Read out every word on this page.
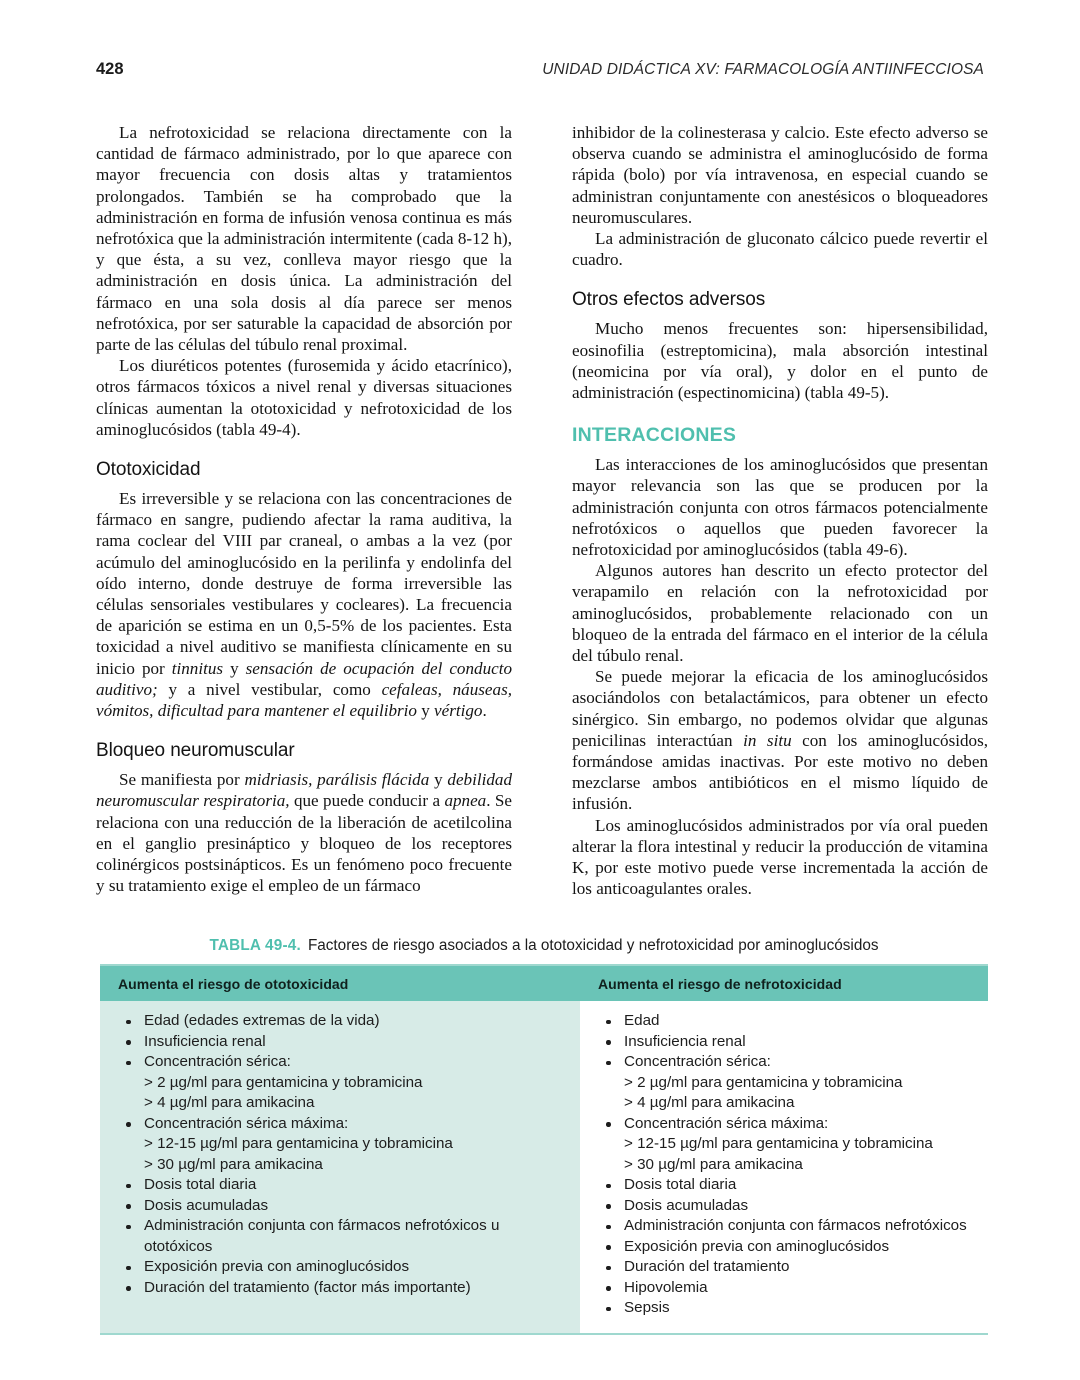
428	UNIDAD DIDÁCTICA XV: FARMACOLOGÍA ANTIINFECCIOSA

La nefrotoxicidad se relaciona directamente con la cantidad de fármaco administrado, por lo que aparece con mayor frecuencia con dosis altas y tratamientos prolongados. También se ha comprobado que la administración en forma de infusión venosa continua es más nefrotóxica que la administración intermitente (cada 8-12 h), y que ésta, a su vez, conlleva mayor riesgo que la administración en dosis única. La administración del fármaco en una sola dosis al día parece ser menos nefrotóxica, por ser saturable la capacidad de absorción por parte de las células del túbulo renal proximal.

Los diuréticos potentes (furosemida y ácido etacrínico), otros fármacos tóxicos a nivel renal y diversas situaciones clínicas aumentan la ototoxicidad y nefrotoxicidad de los aminoglucósidos (tabla 49-4).

Ototoxicidad

Es irreversible y se relaciona con las concentraciones de fármaco en sangre, pudiendo afectar la rama auditiva, la rama coclear del VIII par craneal, o ambas a la vez (por acúmulo del aminoglucósido en la perilinfa y endolinfa del oído interno, donde destruye de forma irreversible las células sensoriales vestibulares y cocleares). La frecuencia de aparición se estima en un 0,5-5% de los pacientes. Esta toxicidad a nivel auditivo se manifiesta clínicamente en su inicio por tinnitus y sensación de ocupación del conducto auditivo; y a nivel vestibular, como cefaleas, náuseas, vómitos, dificultad para mantener el equilibrio y vértigo.

Bloqueo neuromuscular

Se manifiesta por midriasis, parálisis flácida y debilidad neuromuscular respiratoria, que puede conducir a apnea. Se relaciona con una reducción de la liberación de acetilcolina en el ganglio presináptico y bloqueo de los receptores colinérgicos postsinápticos. Es un fenómeno poco frecuente y su tratamiento exige el empleo de un fármaco

inhibidor de la colinesterasa y calcio. Este efecto adverso se observa cuando se administra el aminoglucósido de forma rápida (bolo) por vía intravenosa, en especial cuando se administran conjuntamente con anestésicos o bloqueadores neuromusculares.

La administración de gluconato cálcico puede revertir el cuadro.

Otros efectos adversos

Mucho menos frecuentes son: hipersensibilidad, eosinofilia (estreptomicina), mala absorción intestinal (neomicina por vía oral), y dolor en el punto de administración (espectinomicina) (tabla 49-5).

INTERACCIONES

Las interacciones de los aminoglucósidos que presentan mayor relevancia son las que se producen por la administración conjunta con otros fármacos potencialmente nefrotóxicos o aquellos que pueden favorecer la nefrotoxicidad por aminoglucósidos (tabla 49-6).

Algunos autores han descrito un efecto protector del verapamilo en relación con la nefrotoxicidad por aminoglucósidos, probablemente relacionado con un bloqueo de la entrada del fármaco en el interior de la célula del túbulo renal.

Se puede mejorar la eficacia de los aminoglucósidos asociándolos con betalactámicos, para obtener un efecto sinérgico. Sin embargo, no podemos olvidar que algunas penicilinas interactúan in situ con los aminoglucósidos, formándose amidas inactivas. Por este motivo no deben mezclarse ambos antibióticos en el mismo líquido de infusión.

Los aminoglucósidos administrados por vía oral pueden alterar la flora intestinal y reducir la producción de vitamina K, por este motivo puede verse incrementada la acción de los anticoagulantes orales.

TABLA 49-4. Factores de riesgo asociados a la ototoxicidad y nefrotoxicidad por aminoglucósidos
Aumenta el riesgo de ototoxicidad	Aumenta el riesgo de nefrotoxicidad
Edad (edades extremas de la vida)
Insuficiencia renal
Concentración sérica:
> 2 µg/ml para gentamicina y tobramicina
> 4 µg/ml para amikacina
Concentración sérica máxima:
> 12-15 µg/ml para gentamicina y tobramicina
> 30 µg/ml para amikacina
Dosis total diaria
Dosis acumuladas
Administración conjunta con fármacos nefrotóxicos u ototóxicos
Exposición previa con aminoglucósidos
Duración del tratamiento (factor más importante)
Edad
Insuficiencia renal
Concentración sérica:
> 2 µg/ml para gentamicina y tobramicina
> 4 µg/ml para amikacina
Concentración sérica máxima:
> 12-15 µg/ml para gentamicina y tobramicina
> 30 µg/ml para amikacina
Dosis total diaria
Dosis acumuladas
Administración conjunta con fármacos nefrotóxicos
Exposición previa con aminoglucósidos
Duración del tratamiento
Hipovolemia
Sepsis
